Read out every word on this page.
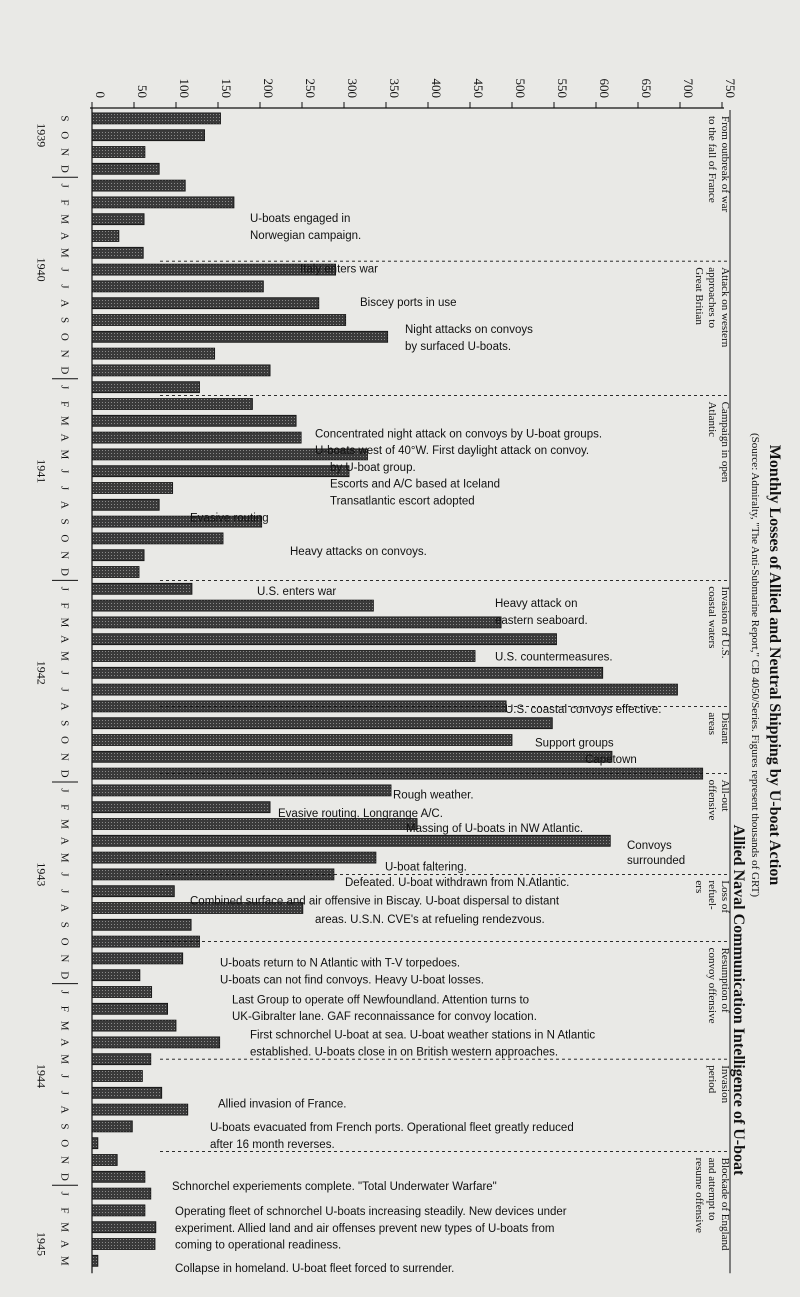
0 50 100 150 200 250 300 350 400 450 500 550 600 650 700 750
S
O
N
D
J
F
M
A
M
J
J
A
S
O
N
D
J
F
M
A
M
J
J
A
S
O
N
D
J
F
M
A
M
J
J
A
S
O
N
D
J
F
M
A
M
J
J
A
S
O
N
D
J
F
M
A
M
J
J
A
S
O
N
D
J
F
M
A
M
1939
1940
1941
1942
1943
1944
1945
U-boats engaged in
Norwegian campaign.
Italy enters war
Biscey ports in use
Night attacks on convoys
by surfaced U-boats.
Concentrated night attack on convoys by U-boat groups.
U-boats west of 40°W. First daylight attack on convoy.
by U-boat group.
Escorts and A/C based at Iceland
Transatlantic escort adopted
Evasive routing
Heavy attacks on convoys.
U.S. enters war
Heavy attack on
eastern seaboard.
U.S. countermeasures.
U.S. coastal convoys effective.
Support groups
Capetown
Rough weather.
Evasive routing. Longrange A/C.
Massing of U-boats in NW Atlantic.
Convoys
surrounded
U-boat faltering.
Defeated. U-boat withdrawn from N.Atlantic.
Combined surface and air offensive in Biscay. U-boat dispersal to distant
areas. U.S.N. CVE's at refueling rendezvous.
U-boats return to N Atlantic with T-V torpedoes.
U-boats can not find convoys. Heavy U-boat losses.
Last Group to operate off Newfoundland. Attention turns to
UK-Gibralter lane. GAF reconnaissance for convoy location.
First schnorchel U-boat at sea. U-boat weather stations in N Atlantic
established. U-boats close in on British western approaches.
Allied invasion of France.
U-boats evacuated from French ports. Operational fleet greatly reduced
after 16 month reverses.
Schnorchel experiements complete. "Total Underwater Warfare"
Operating fleet of schnorchel U-boats increasing steadily. New devices under
experiment. Allied land and air offenses prevent new types of U-boats from
coming to operational readiness.
Collapse in homeland. U-boat fleet forced to surrender.
From outbreak of war
to the fall of France
Attack on western
approaches to
Great Britian
Campaign in open
Atlantic
Invasion of U.S.
coastal waters
Distant
areas
All-out
offensive
Loss of
refuel-
ers
Resumption of
convoy offensive
Invasion
period
Blockade of England
and attempt to
resume offensive
Monthly Losses of Allied and Neutral Shipping by U-boat Action
(Source: Admiralty, "The Anti-Submarine Report," CB 4050/Series. Figures represent thousands of GRT)
Allied Naval Communication Intelligence of U-boat
